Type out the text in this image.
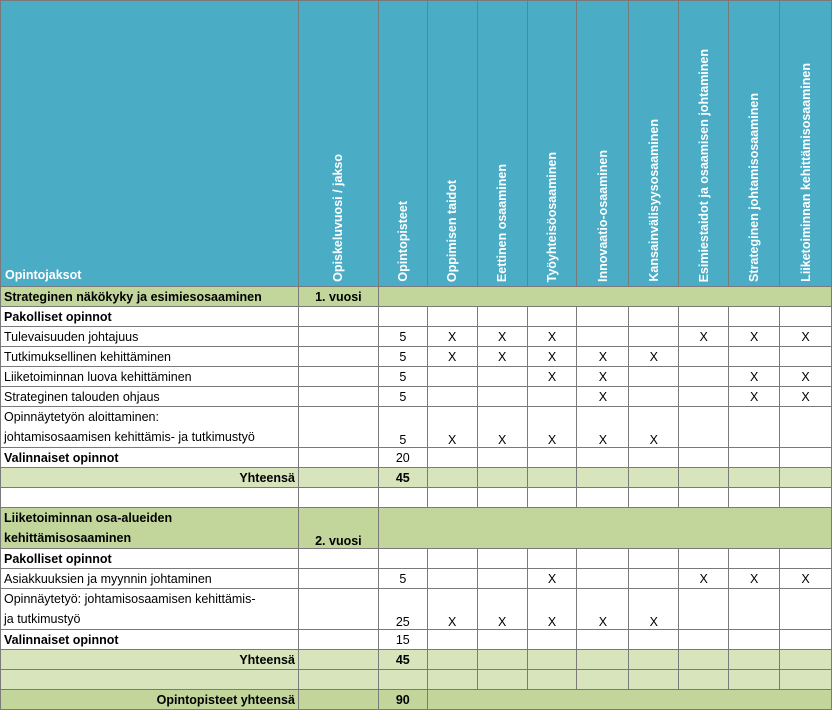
Opintojaksot	Opiskeluvuosi / jakso	Opintopisteet	Oppimisen taidot	Eettinen osaaminen	Työyhteisöosaaminen	Innovaatio-osaaminen	Kansainvälisyysosaaminen	Esimiestaidot ja osaamisen johtaminen	Strateginen johtamisosaaminen	Liiketoiminnan kehittämisosaaminen

Strateginen näkökyky ja esimiesosaaminen	1. vuosi									
Pakolliset opinnot										
Tulevaisuuden johtajuus		5	X	X	X			X	X	X
Tutkimuksellinen kehittäminen		5	X	X	X	X	X			
Liiketoiminnan luova kehittäminen		5			X	X			X	X
Strateginen talouden ohjaus		5				X			X	X
Opinnäytetyön aloittaminen:
johtamisosaamisen kehittämis- ja tutkimustyö		5	X	X	X	X	X			
Valinnaiset opinnot		20								
Yhteensä		45								

Liiketoiminnan osa-alueiden
kehittämisosaaminen	2. vuosi									
Pakolliset opinnot										
Asiakkuuksien ja myynnin johtaminen		5			X			X	X	X
Opinnäytetyö: johtamisosaamisen kehittämis-
ja tutkimustyö		25	X	X	X	X	X			
Valinnaiset opinnot		15								
Yhteensä		45								

Opintopisteet yhteensä		90								
